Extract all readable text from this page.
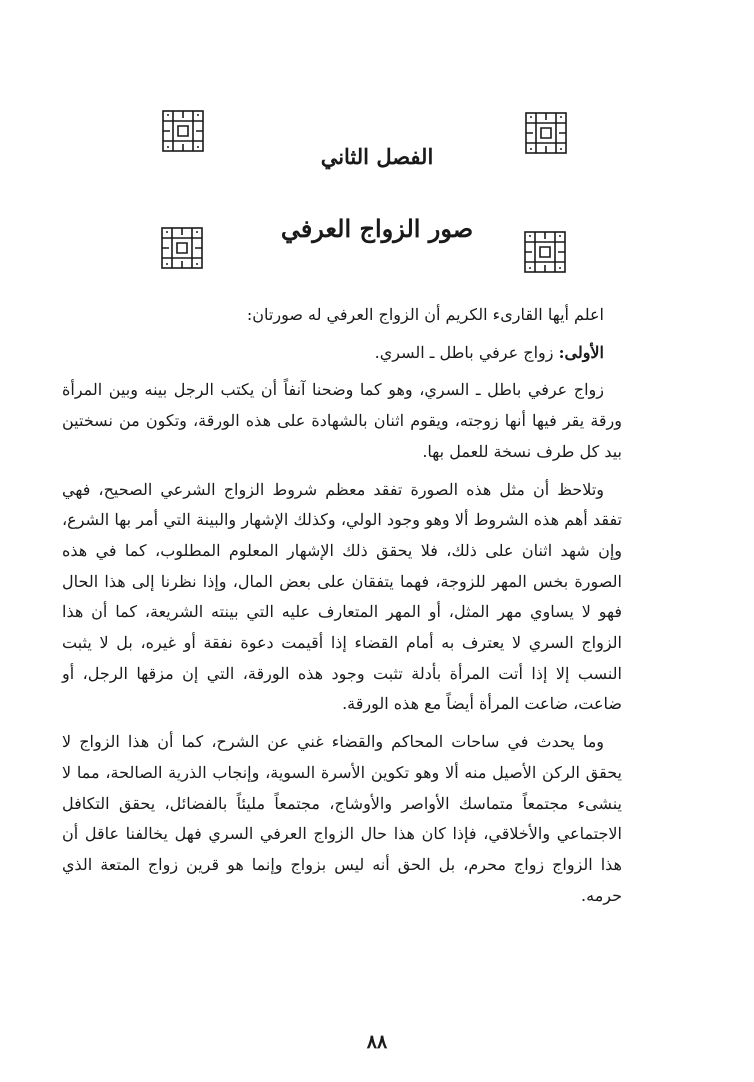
الفصل الثاني
صور الزواج العرفي

اعلم أيها القارىء الكريم أن الزواج العرفي له صورتان:

الأولى: زواج عرفي باطل ـ السري.

زواج عرفي باطل ـ السري، وهو كما وضحنا آنفاً أن يكتب الرجل بينه وبين المرأة ورقة يقر فيها أنها زوجته، ويقوم اثنان بالشهادة على هذه الورقة، وتكون من نسختين بيد كل طرف نسخة للعمل بها.

وتلاحظ أن مثل هذه الصورة تفقد معظم شروط الزواج الشرعي الصحيح، فهي تفقد أهم هذه الشروط ألا وهو وجود الولي، وكذلك الإشهار والبينة التي أمر بها الشرع، وإن شهد اثنان على ذلك، فلا يحقق ذلك الإشهار المعلوم المطلوب، كما في هذه الصورة بخس المهر للزوجة، فهما يتفقان على بعض المال، وإذا نظرنا إلى هذا الحال فهو لا يساوي مهر المثل، أو المهر المتعارف عليه التي بينته الشريعة، كما أن هذا الزواج السري لا يعترف به أمام القضاء إذا أقيمت دعوة نفقة أو غيره، بل لا يثبت النسب إلا إذا أتت المرأة بأدلة تثبت وجود هذه الورقة، التي إن مزقها الرجل، أو ضاعت، ضاعت المرأة أيضاً مع هذه الورقة.

وما يحدث في ساحات المحاكم والقضاء غني عن الشرح، كما أن هذا الزواج لا يحقق الركن الأصيل منه ألا وهو تكوين الأسرة السوية، وإنجاب الذرية الصالحة، مما لا ينشىء مجتمعاً متماسك الأواصر والأوشاج، مجتمعاً مليئاً بالفضائل، يحقق التكافل الاجتماعي والأخلاقي، فإذا كان هذا حال الزواج العرفي السري فهل يخالفنا عاقل أن هذا الزواج زواج محرم، بل الحق أنه ليس بزواج وإنما هو قرين زواج المتعة الذي حرمه.

٨٨
